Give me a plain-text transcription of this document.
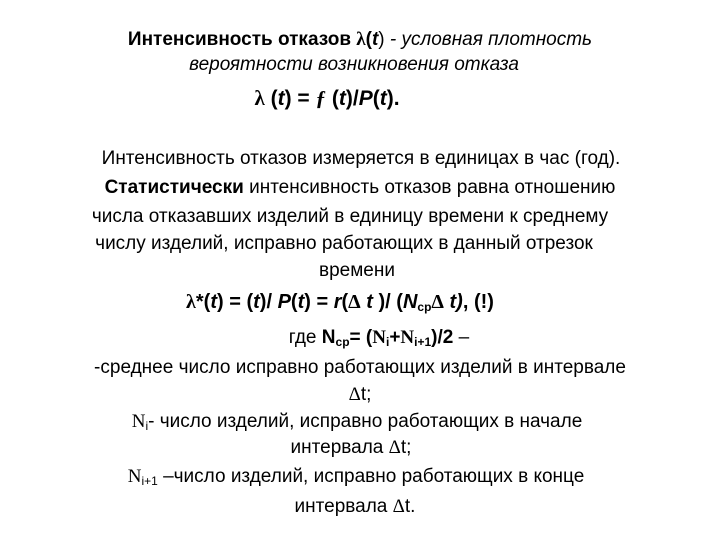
Интенсивность отказов λ(t) - условная плотность
вероятности возникновения отказа
λ (t) = ƒ (t)/P(t).
Интенсивность отказов измеряется в единицах в час (год).
Статистически интенсивность отказов равна отношению
числа отказавших изделий в единицу времени к среднему
числу изделий, исправно работающих в данный отрезок
времени
λ*(t) = (t)/ P(t) = r(Δ t )/ ($N_{ср}\Delta$ t), (!)
где $N_{ср}= (N_i+N_{i+1})/2$ –
-среднее число исправно работающих изделий в интервале
Δt;
Ni- число изделий, исправно работающих в начале
интервала Δt;
Ni+1 –число изделий, исправно работающих в конце
интервала Δt.
